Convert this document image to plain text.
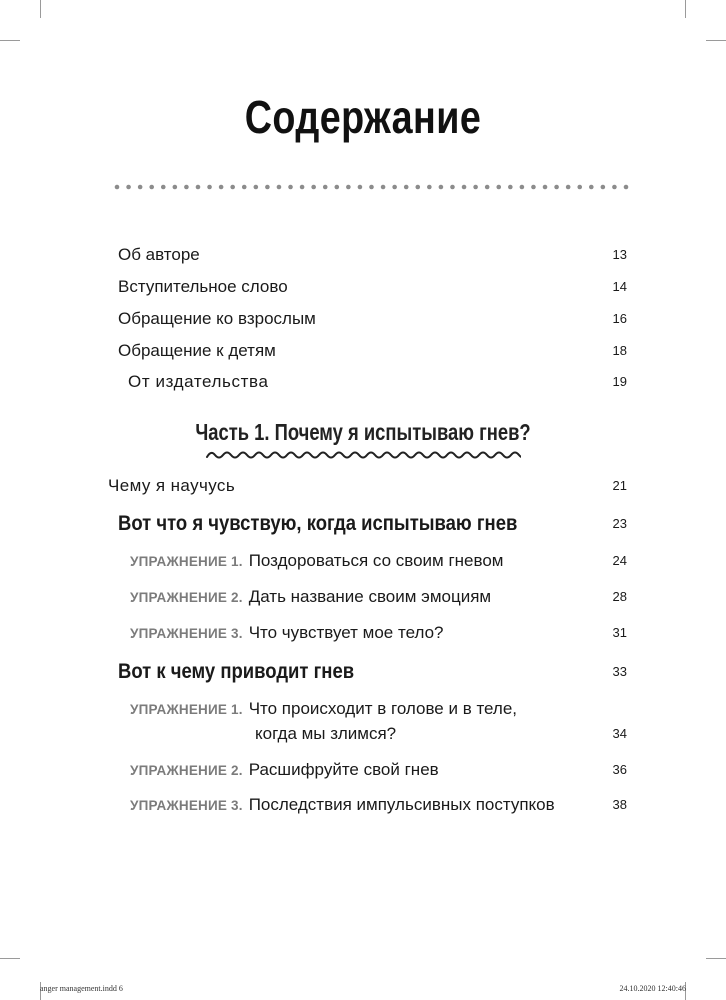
Содержание
Об авторе	13
Вступительное слово	14
Обращение ко взрослым	16
Обращение к детям	18
От издательства	19
Часть 1. Почему я испытываю гнев?
Чему я научусь	21
Вот что я чувствую, когда испытываю гнев	23
УПРАЖНЕНИЕ 1. Поздороваться со своим гневом	24
УПРАЖНЕНИЕ 2. Дать название своим эмоциям	28
УПРАЖНЕНИЕ 3. Что чувствует мое тело?	31
Вот к чему приводит гнев	33
УПРАЖНЕНИЕ 1. Что происходит в голове и в теле,
когда мы злимся?	34
УПРАЖНЕНИЕ 2. Расшифруйте свой гнев	36
УПРАЖНЕНИЕ 3. Последствия импульсивных поступков	38
anger management.indd 6	24.10.2020 12:40:46
